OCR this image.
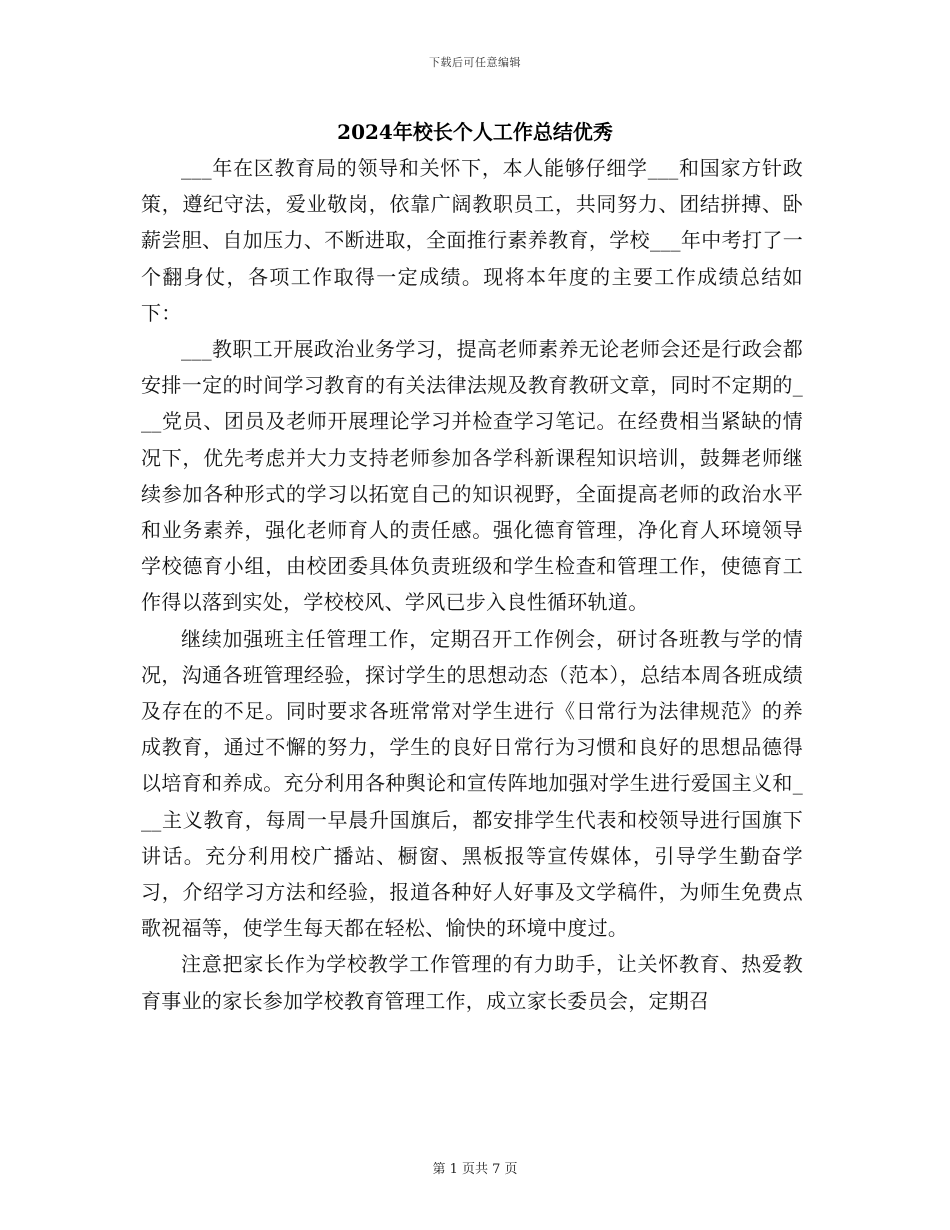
下载后可任意编辑
2024年校长个人工作总结优秀

___年在区教育局的领导和关怀下，本人能够仔细学___和国家方针政策，遵纪守法，爱业敬岗，依靠广阔教职员工，共同努力、团结拼搏、卧薪尝胆、自加压力、不断进取，全面推行素养教育，学校___年中考打了一个翻身仗，各项工作取得一定成绩。现将本年度的主要工作成绩总结如下：

___教职工开展政治业务学习，提高老师素养无论老师会还是行政会都安排一定的时间学习教育的有关法律法规及教育教研文章，同时不定期的___党员、团员及老师开展理论学习并检查学习笔记。在经费相当紧缺的情况下，优先考虑并大力支持老师参加各学科新课程知识培训，鼓舞老师继续参加各种形式的学习以拓宽自己的知识视野，全面提高老师的政治水平和业务素养，强化老师育人的责任感。强化德育管理，净化育人环境领导学校德育小组，由校团委具体负责班级和学生检查和管理工作，使德育工作得以落到实处，学校校风、学风已步入良性循环轨道。

继续加强班主任管理工作，定期召开工作例会，研讨各班教与学的情况，沟通各班管理经验，探讨学生的思想动态（范本），总结本周各班成绩及存在的不足。同时要求各班常常对学生进行《日常行为法律规范》的养成教育，通过不懈的努力，学生的良好日常行为习惯和良好的思想品德得以培育和养成。充分利用各种舆论和宣传阵地加强对学生进行爱国主义和___主义教育，每周一早晨升国旗后，都安排学生代表和校领导进行国旗下讲话。充分利用校广播站、橱窗、黑板报等宣传媒体，引导学生勤奋学习，介绍学习方法和经验，报道各种好人好事及文学稿件，为师生免费点歌祝福等，使学生每天都在轻松、愉快的环境中度过。

注意把家长作为学校教学工作管理的有力助手，让关怀教育、热爱教育事业的家长参加学校教育管理工作，成立家长委员会，定期召

第 1 页共 7 页
